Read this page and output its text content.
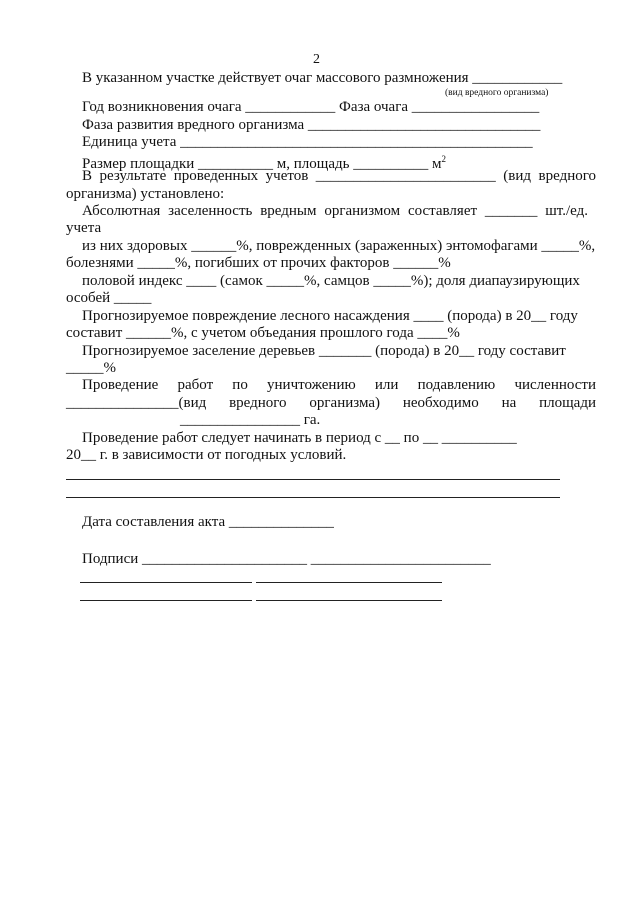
2
В указанном участке действует очаг массового размножения ____________
(вид вредного организма)
Год возникновения очага ____________ Фаза очага _________________
Фаза развития вредного организма _______________________________
Единица учета _______________________________________________
Размер площадки __________ м, площадь __________ $м^2$
В результате проведенных учетов ________________________ (вид вредного
организма) установлено:
Абсолютная заселенность вредным организмом составляет _______ шт./ед.
учета
из них здоровых ______%, поврежденных (зараженных) энтомофагами _____%,
болезнями _____%, погибших от прочих факторов ______%
половой индекс ____ (самок _____%, самцов _____%); доля диапаузирующих
особей _____
Прогнозируемое повреждение лесного насаждения ____ (порода) в 20__ году
составит ______%, с учетом объедания прошлого года ____%
Прогнозируемое заселение деревьев _______ (порода) в 20__ году составит
_____%
Проведение работ по уничтожению или подавлению численности
_______________(вид вредного организма) необходимо на площади
________________ га.
Проведение работ следует начинать в период с __ по __ __________
20__ г. в зависимости от погодных условий.
Дата составления акта ______________
Подписи ______________________ ________________________
